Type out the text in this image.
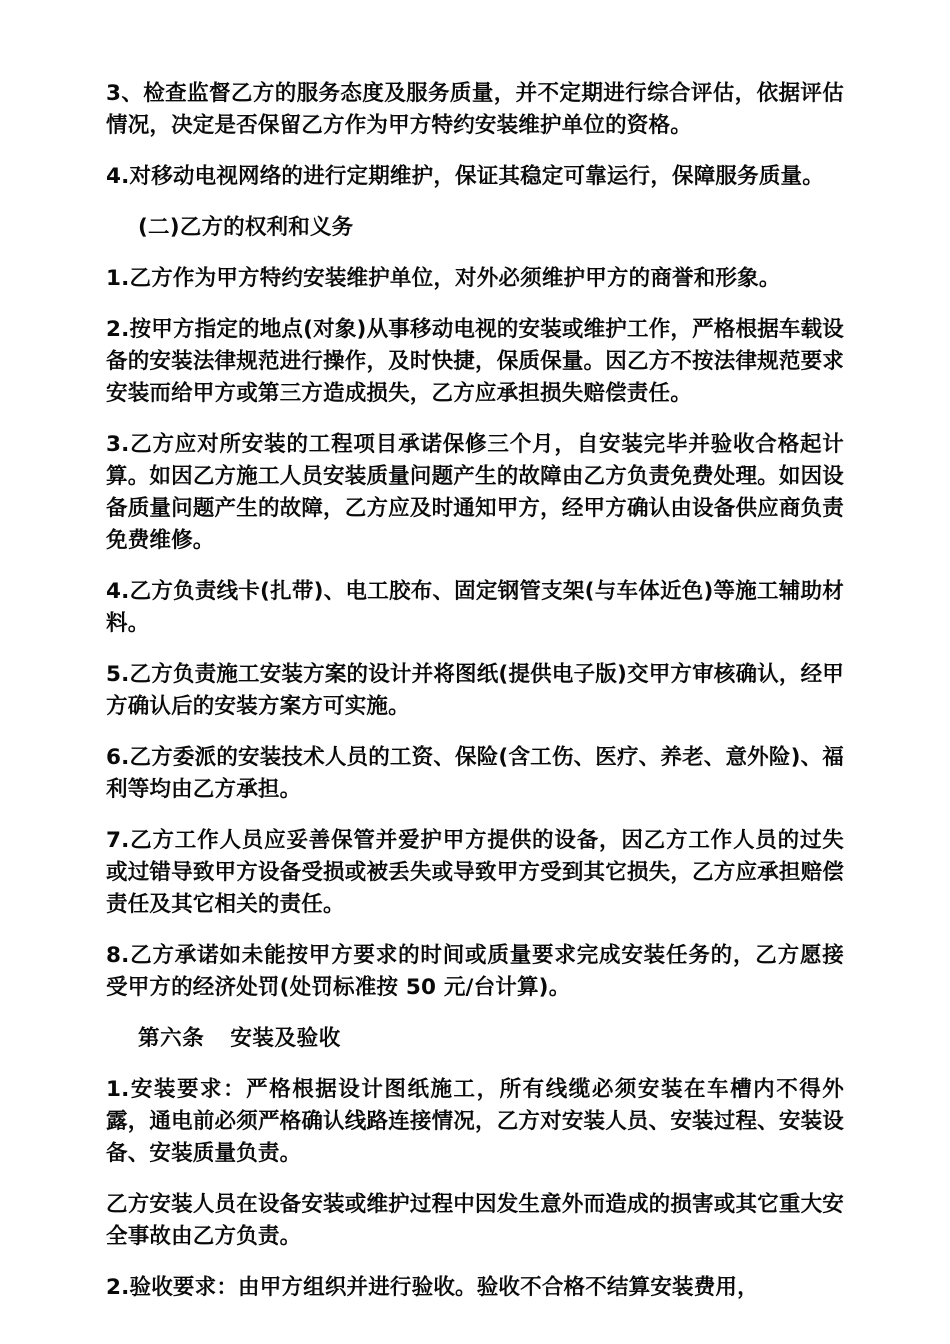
3、检查监督乙方的服务态度及服务质量，并不定期进行综合评估，依据评估情况，决定是否保留乙方作为甲方特约安装维护单位的资格。

4.对移动电视网络的进行定期维护，保证其稳定可靠运行，保障服务质量。

(二)乙方的权利和义务

1.乙方作为甲方特约安装维护单位，对外必须维护甲方的商誉和形象。

2.按甲方指定的地点(对象)从事移动电视的安装或维护工作，严格根据车载设备的安装法律规范进行操作，及时快捷，保质保量。因乙方不按法律规范要求安装而给甲方或第三方造成损失，乙方应承担损失赔偿责任。

3.乙方应对所安装的工程项目承诺保修三个月，自安装完毕并验收合格起计算。如因乙方施工人员安装质量问题产生的故障由乙方负责免费处理。如因设备质量问题产生的故障，乙方应及时通知甲方，经甲方确认由设备供应商负责免费维修。

4.乙方负责线卡(扎带)、电工胶布、固定钢管支架(与车体近色)等施工辅助材料。

5.乙方负责施工安装方案的设计并将图纸(提供电子版)交甲方审核确认，经甲方确认后的安装方案方可实施。

6.乙方委派的安装技术人员的工资、保险(含工伤、医疗、养老、意外险)、福利等均由乙方承担。

7.乙方工作人员应妥善保管并爱护甲方提供的设备，因乙方工作人员的过失或过错导致甲方设备受损或被丢失或导致甲方受到其它损失，乙方应承担赔偿责任及其它相关的责任。

8.乙方承诺如未能按甲方要求的时间或质量要求完成安装任务的，乙方愿接受甲方的经济处罚(处罚标准按 50 元/台计算)。

第六条 安装及验收

1.安装要求：严格根据设计图纸施工，所有线缆必须安装在车槽内不得外露，通电前必须严格确认线路连接情况，乙方对安装人员、安装过程、安装设备、安装质量负责。

乙方安装人员在设备安装或维护过程中因发生意外而造成的损害或其它重大安全事故由乙方负责。

2.验收要求：由甲方组织并进行验收。验收不合格不结算安装费用，
